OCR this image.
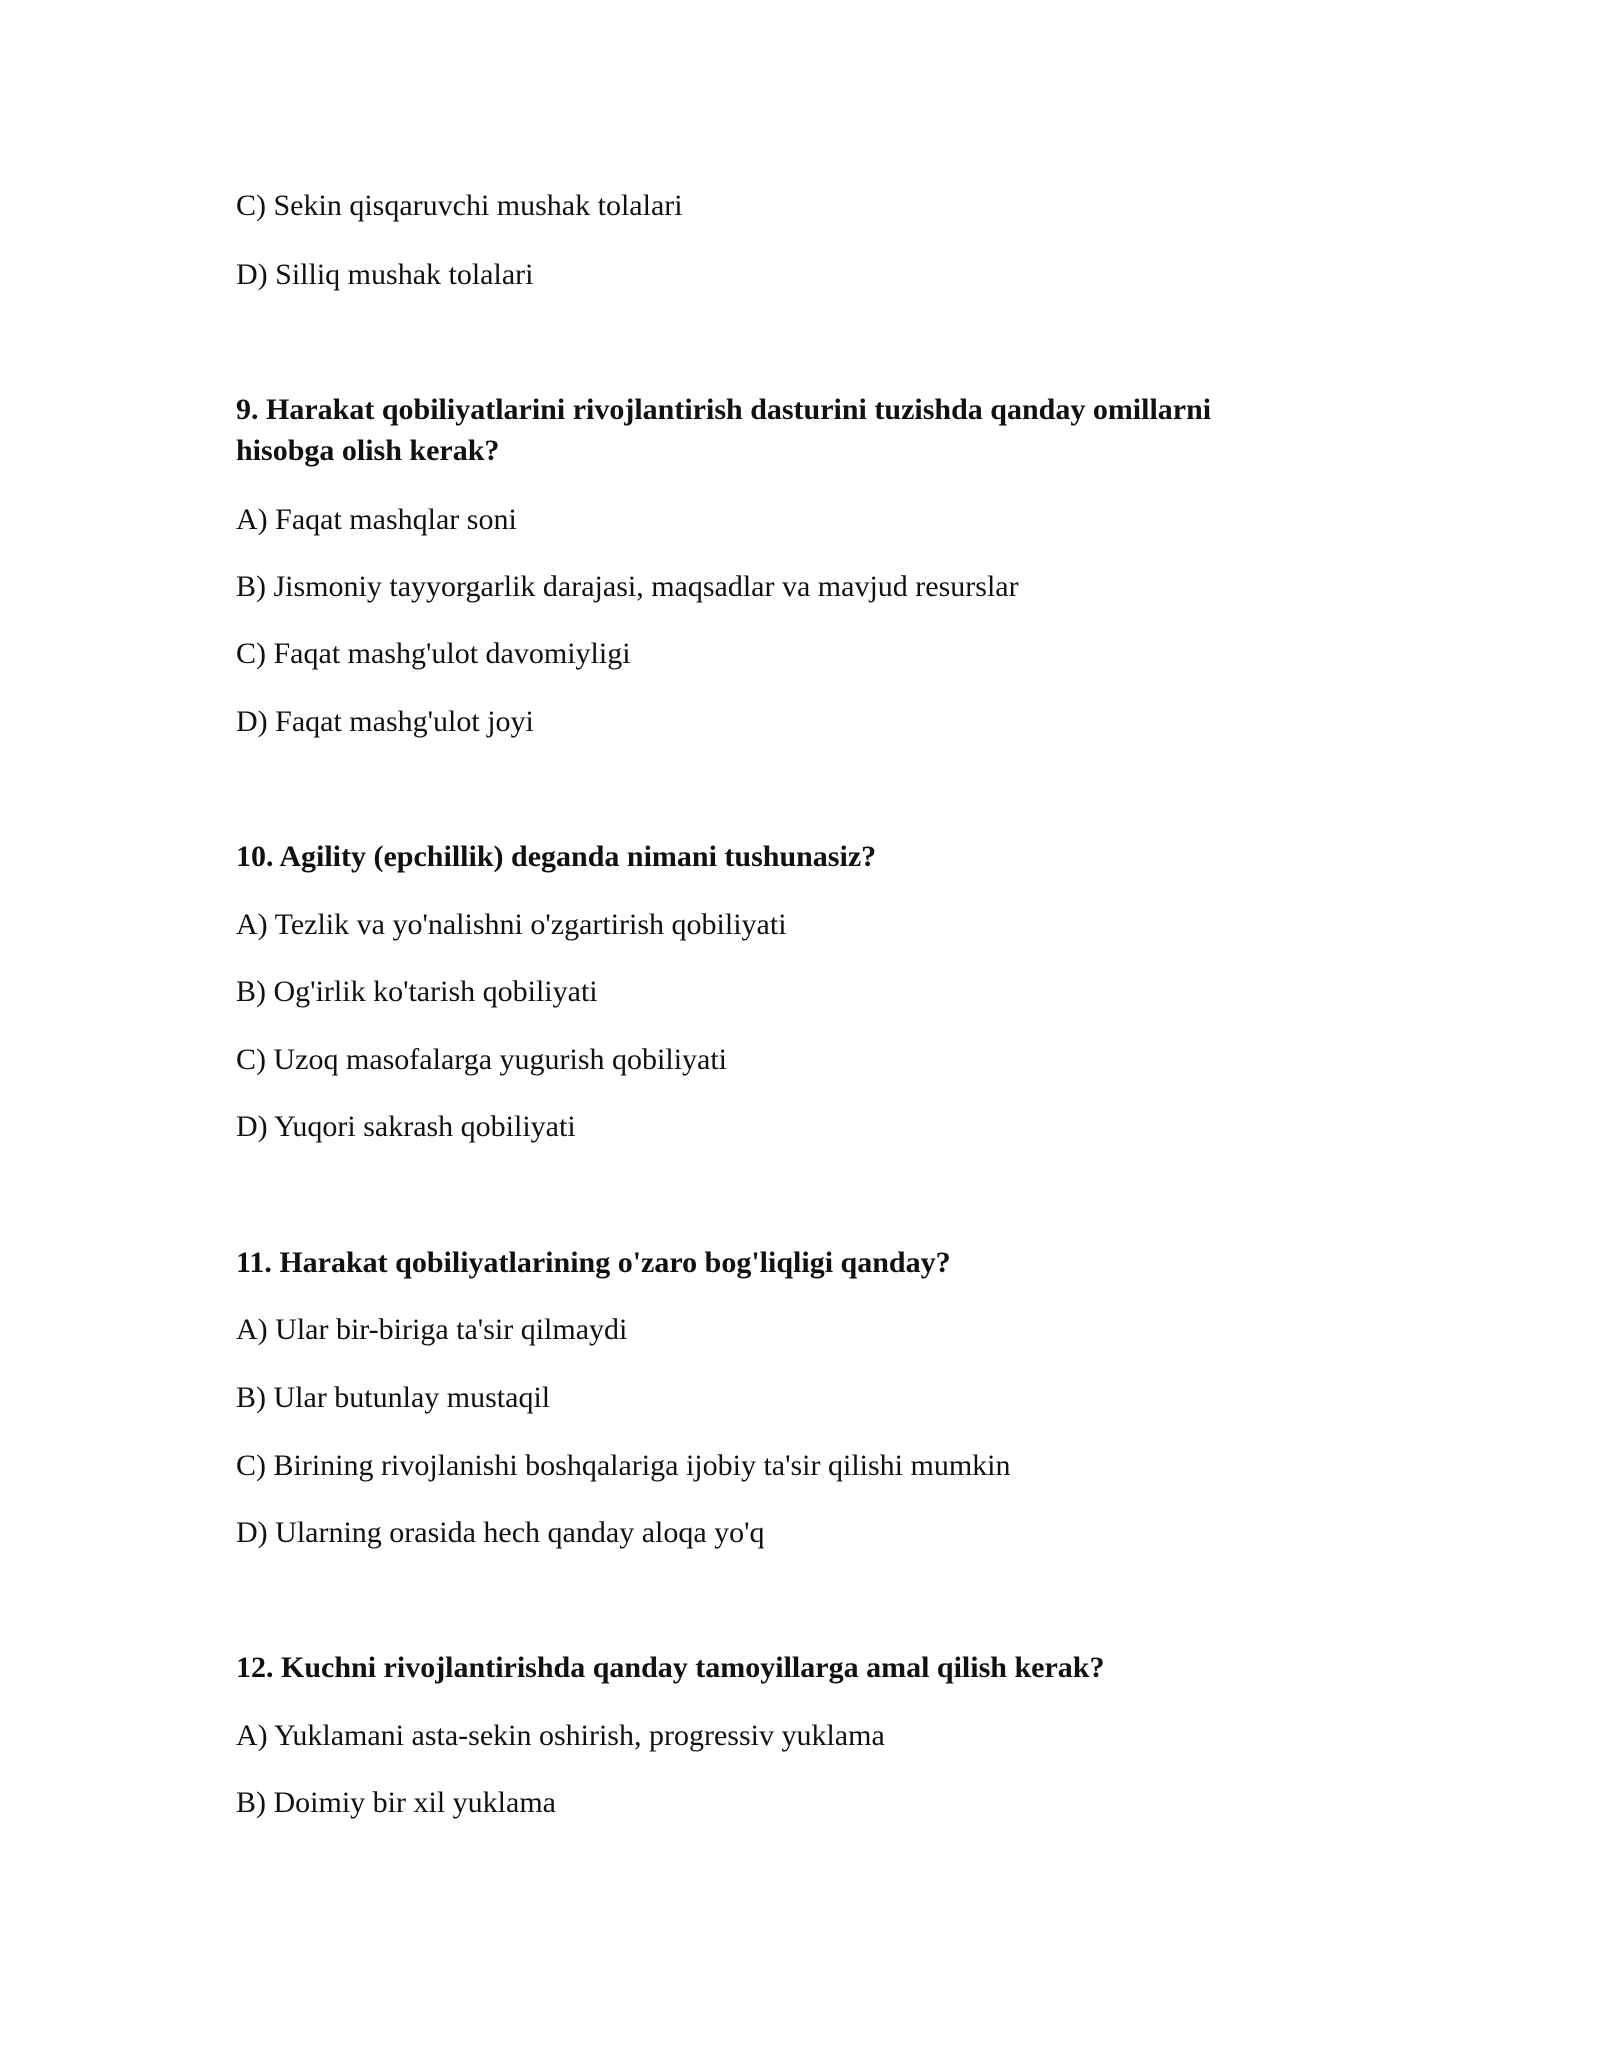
C) Sekin qisqaruvchi mushak tolalari
D) Silliq mushak tolalari
9. Harakat qobiliyatlarini rivojlantirish dasturini tuzishda qanday omillarni
hisobga olish kerak?
A) Faqat mashqlar soni
B) Jismoniy tayyorgarlik darajasi, maqsadlar va mavjud resurslar
C) Faqat mashg'ulot davomiyligi
D) Faqat mashg'ulot joyi
10. Agility (epchillik) deganda nimani tushunasiz?
A) Tezlik va yo'nalishni o'zgartirish qobiliyati
B) Og'irlik ko'tarish qobiliyati
C) Uzoq masofalarga yugurish qobiliyati
D) Yuqori sakrash qobiliyati
11. Harakat qobiliyatlarining o'zaro bog'liqligi qanday?
A) Ular bir-biriga ta'sir qilmaydi
B) Ular butunlay mustaqil
C) Birining rivojlanishi boshqalariga ijobiy ta'sir qilishi mumkin
D) Ularning orasida hech qanday aloqa yo'q
12. Kuchni rivojlantirishda qanday tamoyillarga amal qilish kerak?
A) Yuklamani asta-sekin oshirish, progressiv yuklama
B) Doimiy bir xil yuklama
